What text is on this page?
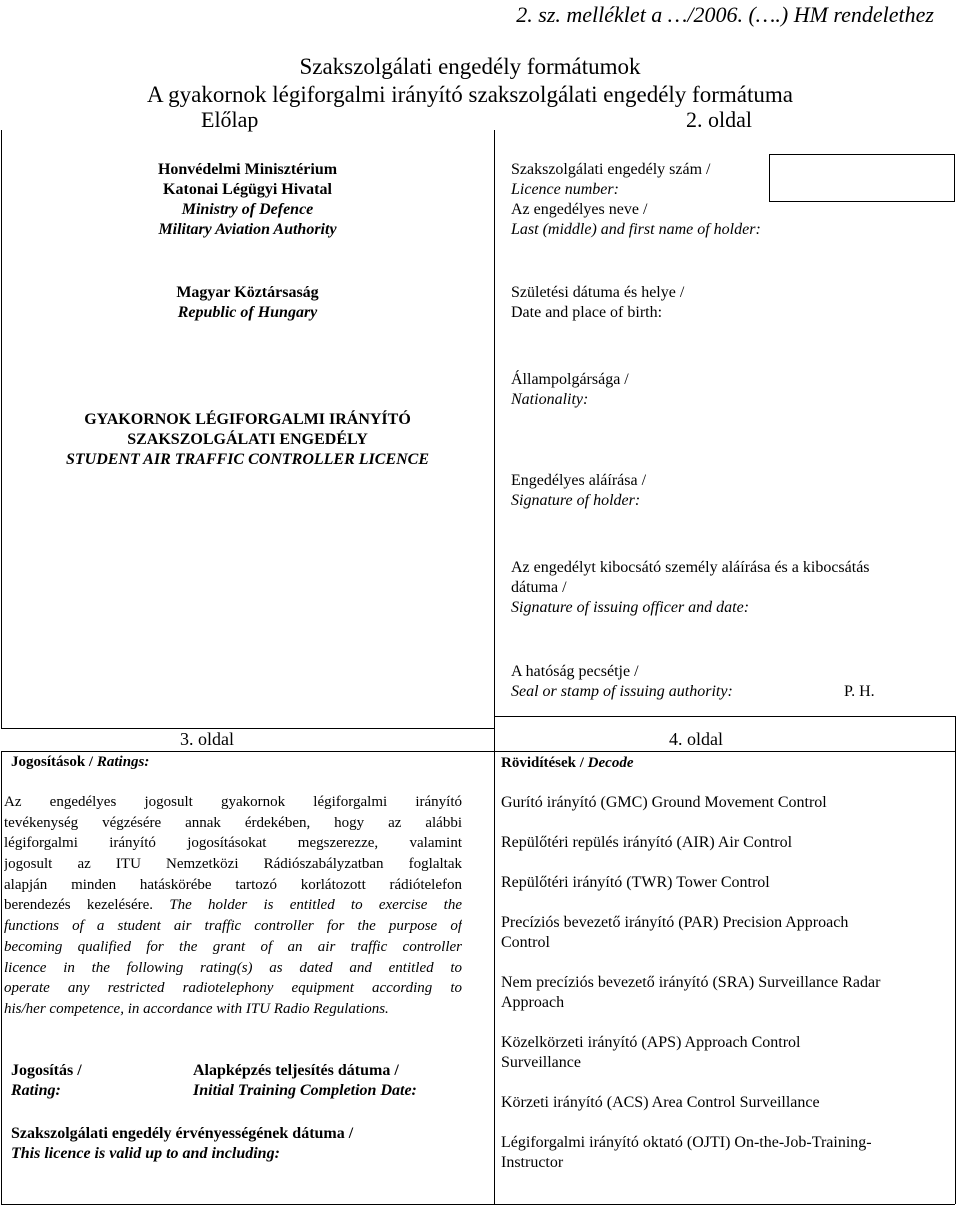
2. sz. melléklet a …/2006. (….) HM rendelethez
Szakszolgálati engedély formátumok
A gyakornok légiforgalmi irányító szakszolgálati engedély formátuma
Előlap	2. oldal
Honvédelmi Minisztérium
Katonai Légügyi Hivatal
Ministry of Defence
Military Aviation Authority
Magyar Köztársaság
Republic of Hungary
GYAKORNOK LÉGIFORGALMI IRÁNYÍTÓ
SZAKSZOLGÁLATI ENGEDÉLY
STUDENT AIR TRAFFIC CONTROLLER LICENCE
Szakszolgálati engedély szám /
Licence number:
Az engedélyes neve /
Last (middle) and first name of holder:
Születési dátuma és helye /
Date and place of birth:
Állampolgársága /
Nationality:
Engedélyes aláírása /
Signature of holder:
Az engedélyt kibocsátó személy aláírása és a kibocsátás
dátuma /
Signature of issuing officer and date:
A hatóság pecsétje /
Seal or stamp of issuing authority:	P. H.
3. oldal	4. oldal
Jogosítások / Ratings:
Az engedélyes jogosult gyakornok légiforgalmi irányító
tevékenység végzésére annak érdekében, hogy az alábbi
légiforgalmi irányító jogosításokat megszerezze, valamint
jogosult az ITU Nemzetközi Rádiószabályzatban foglaltak
alapján minden hatáskörébe tartozó korlátozott rádiótelefon
berendezés kezelésére. The holder is entitled to exercise the
functions of a student air traffic controller for the purpose of
becoming qualified for the grant of an air traffic controller
licence in the following rating(s) as dated and entitled to
operate any restricted radiotelephony equipment according to
his/her competence, in accordance with ITU Radio Regulations.
Jogosítás /
Rating:
Alapképzés teljesítés dátuma /
Initial Training Completion Date:
Szakszolgálati engedély érvényességének dátuma /
This licence is valid up to and including:
Rövidítések / Decode
Gurító irányító (GMC) Ground Movement Control
Repülőtéri repülés irányító (AIR) Air Control
Repülőtéri irányító (TWR) Tower Control
Precíziós bevezető irányító (PAR) Precision Approach
Control
Nem precíziós bevezető irányító (SRA) Surveillance Radar
Approach
Közelkörzeti irányító (APS) Approach Control
Surveillance
Körzeti irányító (ACS) Area Control Surveillance
Légiforgalmi irányító oktató (OJTI) On-the-Job-Training-
Instructor
